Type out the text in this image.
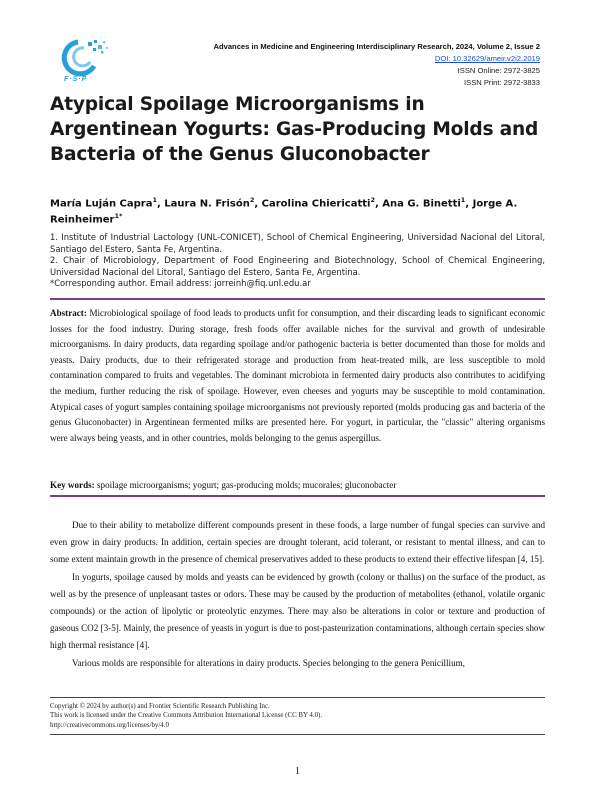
F·S·P
Advances in Medicine and Engineering Interdisciplinary Research, 2024, Volume 2, Issue 2
DOI: 10.32629/ameir.v2i2.2019
ISSN Online: 2972-3825
ISSN Print: 2972-3833
Atypical Spoilage Microorganisms in
Argentinean Yogurts: Gas-Producing Molds and
Bacteria of the Genus Gluconobacter
María Luján Capra$^1$, Laura N. Frisón$^2$, Carolina Chiericatti$^2$, Ana G. Binetti$^1$, Jorge A. Reinheimer$^{1*}$
1. Institute of Industrial Lactology (UNL-CONICET), School of Chemical Engineering, Universidad Nacional del Litoral, Santiago del Estero, Santa Fe, Argentina.
2. Chair of Microbiology, Department of Food Engineering and Biotechnology, School of Chemical Engineering, Universidad Nacional del Litoral, Santiago del Estero, Santa Fe, Argentina.
*Corresponding author. Email address: jorreinh@fiq.unl.edu.ar
Abstract: Microbiological spoilage of food leads to products unfit for consumption, and their discarding leads to significant economic losses for the food industry. During storage, fresh foods offer available niches for the survival and growth of undesirable microorganisms. In dairy products, data regarding spoilage and/or pathogenic bacteria is better documented than those for molds and yeasts. Dairy products, due to their refrigerated storage and production from heat-treated milk, are less susceptible to mold contamination compared to fruits and vegetables. The dominant microbiota in fermented dairy products also contributes to acidifying the medium, further reducing the risk of spoilage. However, even cheeses and yogurts may be susceptible to mold contamination. Atypical cases of yogurt samples containing spoilage microorganisms not previously reported (molds producing gas and bacteria of the genus Gluconobacter) in Argentinean fermented milks are presented here. For yogurt, in particular, the "classic" altering organisms were always being yeasts, and in other countries, molds belonging to the genus aspergillus.
Key words: spoilage microorganisms; yogurt; gas-producing molds; mucorales; gluconobacter

Due to their ability to metabolize different compounds present in these foods, a large number of fungal species can survive and even grow in dairy products. In addition, certain species are drought tolerant, acid tolerant, or resistant to mental illness, and can to some extent maintain growth in the presence of chemical preservatives added to these products to extend their effective lifespan [4, 15].

In yogurts, spoilage caused by molds and yeasts can be evidenced by growth (colony or thallus) on the surface of the product, as well as by the presence of unpleasant tastes or odors. These may be caused by the production of metabolites (ethanol, volatile organic compounds) or the action of lipolytic or proteolytic enzymes. There may also be alterations in color or texture and production of gaseous CO2 [3-5]. Mainly, the presence of yeasts in yogurt is due to post-pasteurization contaminations, although certain species show high thermal resistance [4].

Various molds are responsible for alterations in dairy products. Species belonging to the genera Penicillium,

Copyright © 2024 by author(s) and Frontier Scientific Research Publishing Inc.
This work is licensed under the Creative Commons Attribution International License (CC BY 4.0).
http://creativecommons.org/licenses/by/4.0
1
